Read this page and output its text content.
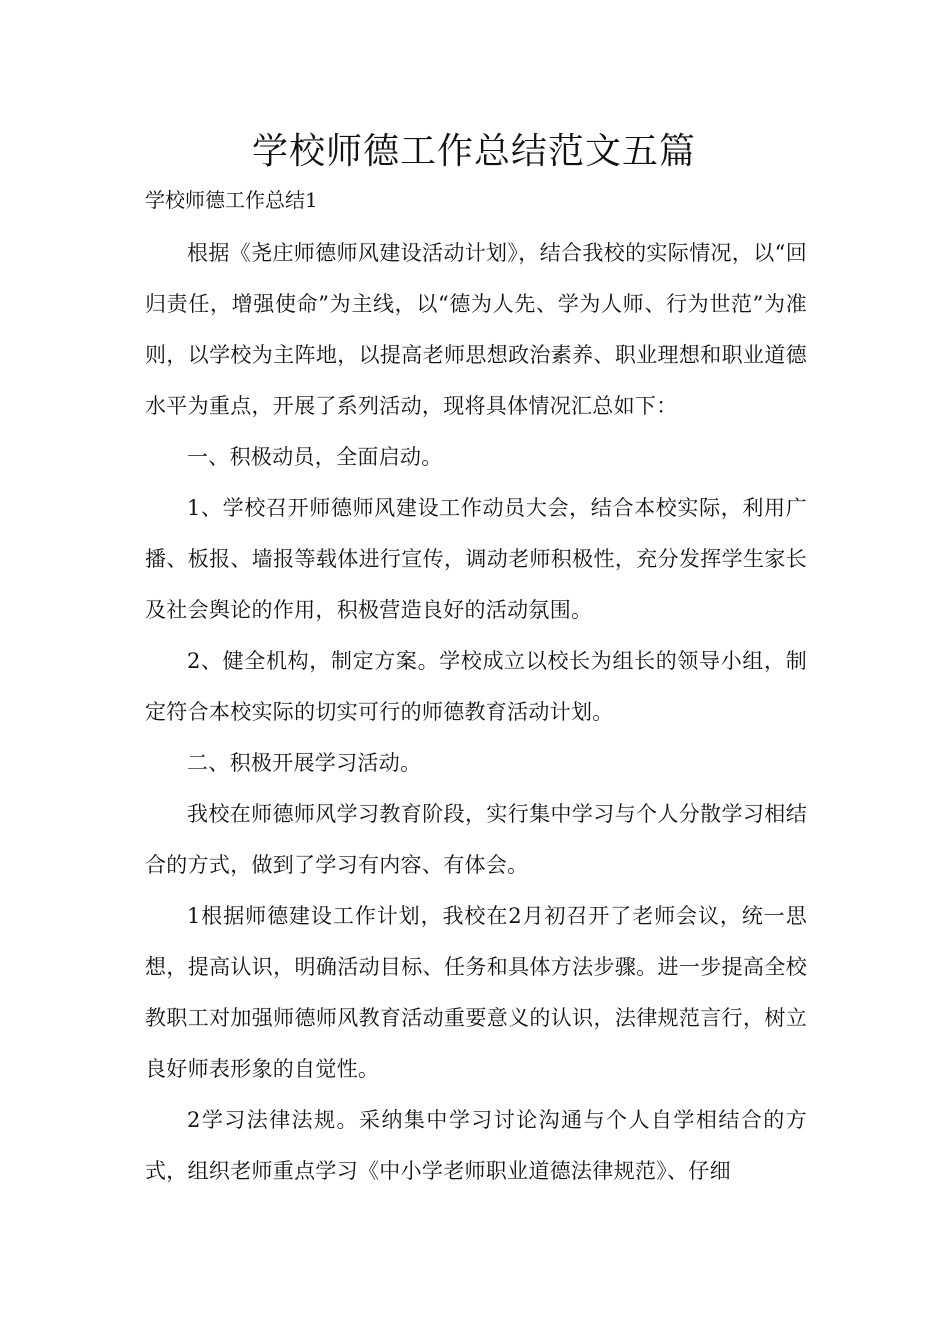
学校师德工作总结范文五篇
学校师德工作总结1

根据《尧庄师德师风建设活动计划》，结合我校的实际情况，以“回归责任，增强使命”为主线，以“德为人先、学为人师、行为世范”为准则，以学校为主阵地，以提高老师思想政治素养、职业理想和职业道德水平为重点，开展了系列活动，现将具体情况汇总如下：

一、积极动员，全面启动。

1、学校召开师德师风建设工作动员大会，结合本校实际，利用广播、板报、墙报等载体进行宣传，调动老师积极性，充分发挥学生家长及社会舆论的作用，积极营造良好的活动氛围。

2、健全机构，制定方案。学校成立以校长为组长的领导小组，制定符合本校实际的切实可行的师德教育活动计划。

二、积极开展学习活动。

我校在师德师风学习教育阶段，实行集中学习与个人分散学习相结合的方式，做到了学习有内容、有体会。

1根据师德建设工作计划，我校在2月初召开了老师会议，统一思想，提高认识，明确活动目标、任务和具体方法步骤。进一步提高全校教职工对加强师德师风教育活动重要意义的认识，法律规范言行，树立良好师表形象的自觉性。

2学习法律法规。采纳集中学习讨论沟通与个人自学相结合的方式，组织老师重点学习《中小学老师职业道德法律规范》、仔细
